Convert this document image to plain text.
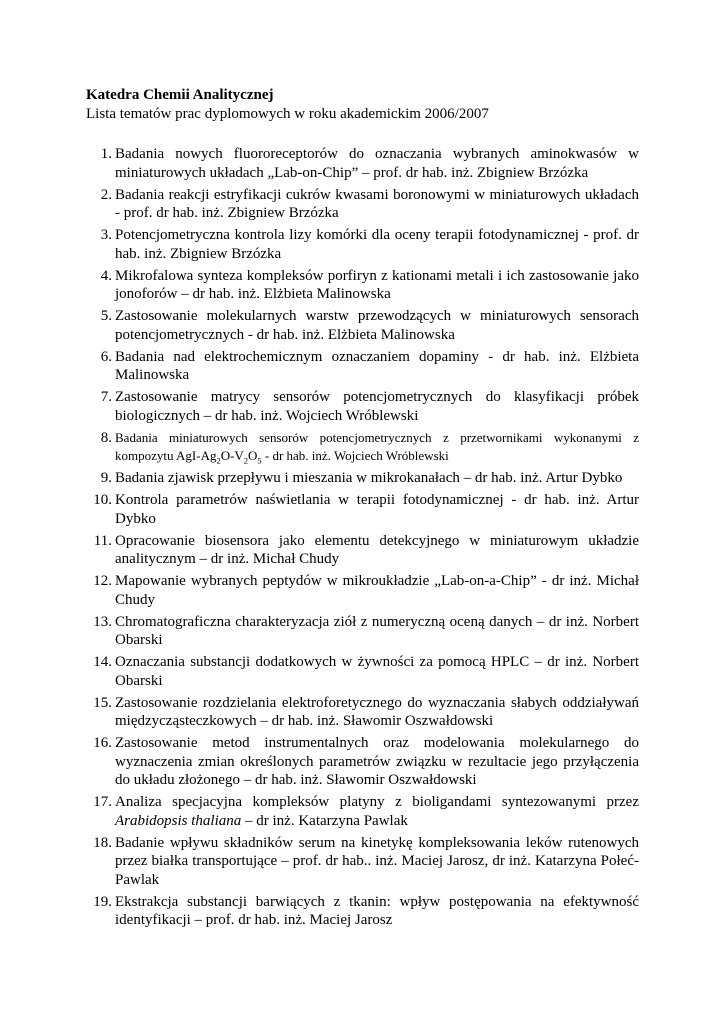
Katedra Chemii Analitycznej
Lista tematów prac dyplomowych w roku akademickim 2006/2007
1. Badania nowych fluororeceptorów do oznaczania wybranych aminokwasów w miniaturowych układach „Lab-on-Chip” – prof. dr hab. inż. Zbigniew Brzózka
2. Badania reakcji estryfikacji cukrów kwasami boronowymi w miniaturowych układach - prof. dr hab. inż. Zbigniew Brzózka
3. Potencjometryczna kontrola lizy komórki dla oceny terapii fotodynamicznej - prof. dr hab. inż. Zbigniew Brzózka
4. Mikrofalowa synteza kompleksów porfiryn z kationami metali i ich zastosowanie jako jonoforów – dr hab. inż. Elżbieta Malinowska
5. Zastosowanie molekularnych warstw przewodzących w miniaturowych sensorach potencjometrycznych - dr hab. inż. Elżbieta Malinowska
6. Badania nad elektrochemicznym oznaczaniem dopaminy - dr hab. inż. Elżbieta Malinowska
7. Zastosowanie matrycy sensorów potencjometrycznych do klasyfikacji próbek biologicznych – dr hab. inż. Wojciech Wróblewski
8. Badania miniaturowych sensorów potencjometrycznych z przetwornikami wykonanymi z kompozytu AgI-$Ag_2O-V_2O_5$ - dr hab. inż. Wojciech Wróblewski
9. Badania zjawisk przepływu i mieszania w mikrokanałach – dr hab. inż. Artur Dybko
10. Kontrola parametrów naświetlania w terapii fotodynamicznej - dr hab. inż. Artur Dybko
11. Opracowanie biosensora jako elementu detekcyjnego w miniaturowym układzie analitycznym – dr inż. Michał Chudy
12. Mapowanie wybranych peptydów w mikroukładzie „Lab-on-a-Chip” - dr inż. Michał Chudy
13. Chromatograficzna charakteryzacja ziół z numeryczną oceną danych – dr inż. Norbert Obarski
14. Oznaczania substancji dodatkowych w żywności za pomocą HPLC – dr inż. Norbert Obarski
15. Zastosowanie rozdzielania elektroforetycznego do wyznaczania słabych oddziaływań międzycząsteczkowych – dr hab. inż. Sławomir Oszwałdowski
16. Zastosowanie metod instrumentalnych oraz modelowania molekularnego do wyznaczenia zmian określonych parametrów związku w rezultacie jego przyłączenia do układu złożonego – dr hab. inż. Sławomir Oszwałdowski
17. Analiza specjacyjna kompleksów platyny z bioligandami syntezowanymi przez Arabidopsis thaliana – dr inż. Katarzyna Pawlak
18. Badanie wpływu składników serum na kinetykę kompleksowania leków rutenowych przez białka transportujące – prof. dr hab.. inż. Maciej Jarosz, dr inż. Katarzyna Połeć-Pawlak
19. Ekstrakcja substancji barwiących z tkanin: wpływ postępowania na efektywność identyfikacji – prof. dr hab. inż. Maciej Jarosz
